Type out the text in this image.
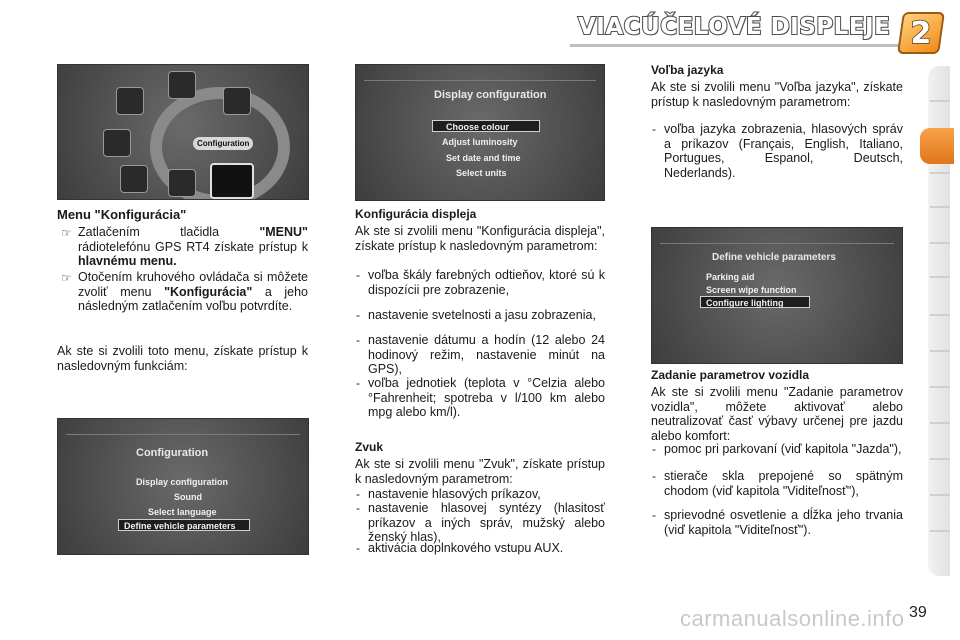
VIACÚČELOVÉ DISPLEJE 2
Configuration
Display configuration
Choose colour
Adjust luminosity
Set date and time
Select units
Define vehicle parameters
Parking aid
Screen wipe function
Configure lighting
Configuration
Display configuration
Sound
Select language
Define vehicle parameters
Menu "Konfigurácia"
☞ Zatlačením tlačidla "MENU" rádiotelefónu GPS RT4 získate prístup k hlavnému menu.
☞ Otočením kruhového ovládača si môžete zvoliť menu "Konfigurácia" a jeho následným zatlačením voľbu potvrdíte.
Ak ste si zvolili toto menu, získate prístup k nasledovným funkciám:
Konfigurácia displeja
Ak ste si zvolili menu "Konfigurácia displeja", získate prístup k nasledovným parametrom:
- voľba škály farebných odtieňov, ktoré sú k dispozícii pre zobrazenie,
- nastavenie svetelnosti a jasu zobrazenia,
- nastavenie dátumu a hodín (12 alebo 24 hodinový režim, nastavenie minút na GPS),
- voľba jednotiek (teplota v °Celzia alebo °Fahrenheit; spotreba v l/100 km alebo mpg alebo km/l).
Zvuk
Ak ste si zvolili menu "Zvuk", získate prístup k nasledovným parametrom:
- nastavenie hlasových príkazov,
- nastavenie hlasovej syntézy (hlasitosť príkazov a iných správ, mužský alebo ženský hlas),
- aktivácia doplnkového vstupu AUX.
Voľba jazyka
Ak ste si zvolili menu "Voľba jazyka", získate prístup k nasledovným parametrom:
- voľba jazyka zobrazenia, hlasových správ a príkazov (Français, English, Italiano, Portugues, Espanol, Deutsch, Nederlands).
Zadanie parametrov vozidla
Ak ste si zvolili menu "Zadanie parametrov vozidla", môžete aktivovať alebo neutralizovať časť výbavy určenej pre jazdu alebo komfort:
- pomoc pri parkovaní (viď kapitola "Jazda"),
- stierače skla prepojené so spätným chodom (viď kapitola "Viditeľnosť"),
- sprievodné osvetlenie a dĺžka jeho trvania (viď kapitola "Viditeľnosť").
carmanualsonline.info 39
